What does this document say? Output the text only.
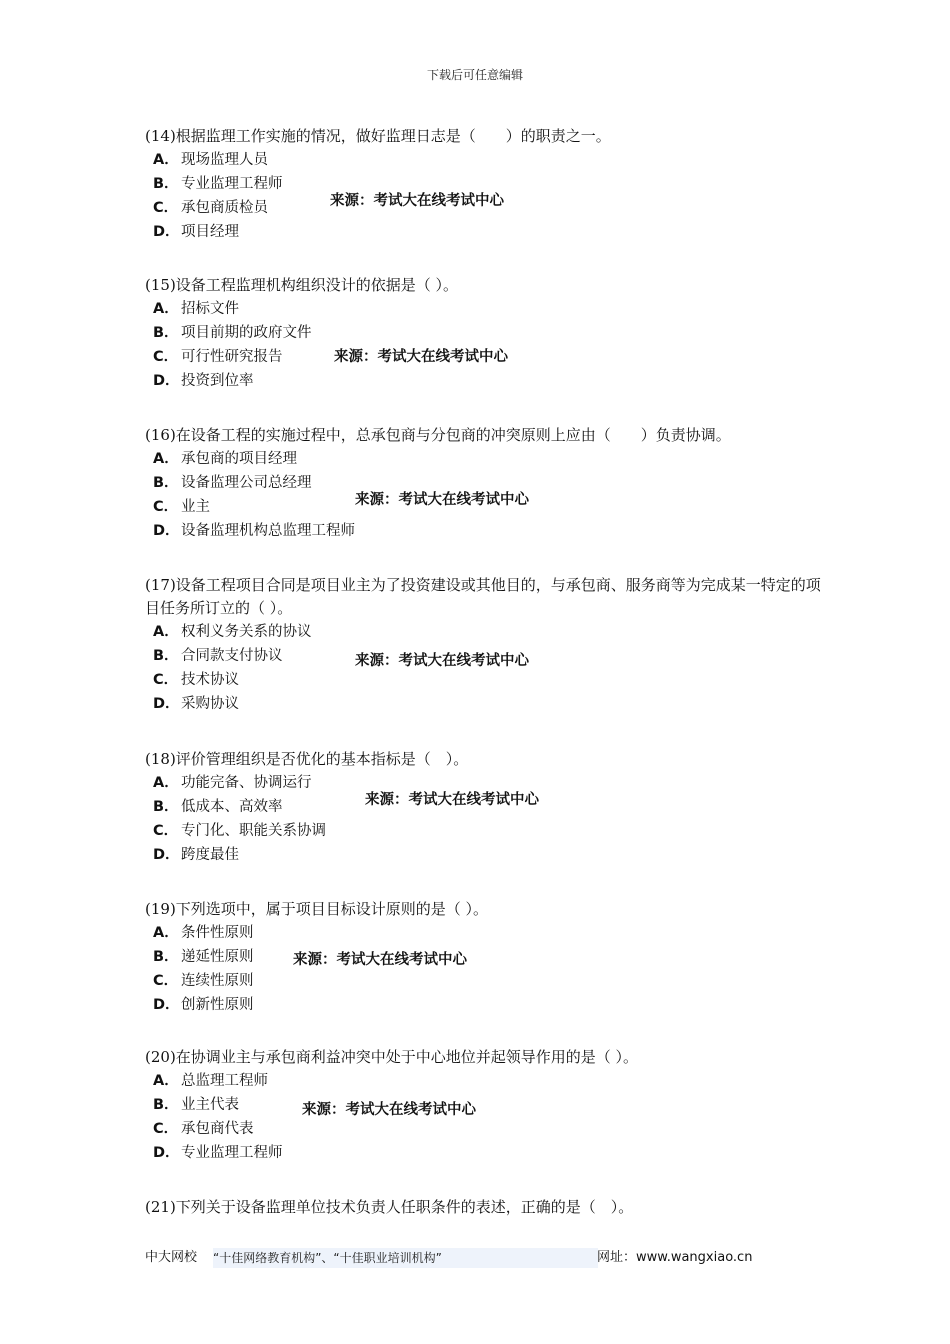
下载后可任意编辑
(14)根据监理工作实施的情况，做好监理日志是（　　）的职责之一。
A． 现场监理人员
B． 专业监理工程师
C． 承包商质检员
D．项目经理
来源：考试大在线考试中心
(15)设备工程监理机构组织没计的依据是（ ）。
A． 招标文件
B． 项目前期的政府文件
C． 可行性研究报告
D．投资到位率
来源：考试大在线考试中心
(16)在设备工程的实施过程中，总承包商与分包商的冲突原则上应由（　　）负责协调。
A． 承包商的项目经理
B． 设备监理公司总经理
C． 业主
D．设备监理机构总监理工程师
来源：考试大在线考试中心
(17)设备工程项目合同是项目业主为了投资建设或其他目的，与承包商、服务商等为完成某一特定的项目任务所订立的（ ）。
A． 权利义务关系的协议
B． 合同款支付协议
C． 技术协议
D．采购协议
来源：考试大在线考试中心
(18)评价管理组织是否优化的基本指标是（　）。
A． 功能完备、协调运行
B． 低成本、高效率
C． 专门化、职能关系协调
D．跨度最佳
来源：考试大在线考试中心
(19)下列选项中，属于项目目标设计原则的是（ ）。
A． 条件性原则
B． 递延性原则
C． 连续性原则
D．创新性原则
来源：考试大在线考试中心
(20)在协调业主与承包商利益冲突中处于中心地位并起领导作用的是（ ）。
A． 总监理工程师
B． 业主代表
C． 承包商代表
D．专业监理工程师
来源：考试大在线考试中心
(21)下列关于设备监理单位技术负责人任职条件的表述，正确的是（　）。
中大网校 “十佳网络教育机构”、“十佳职业培训机构”	网址：www.wangxiao.cn
